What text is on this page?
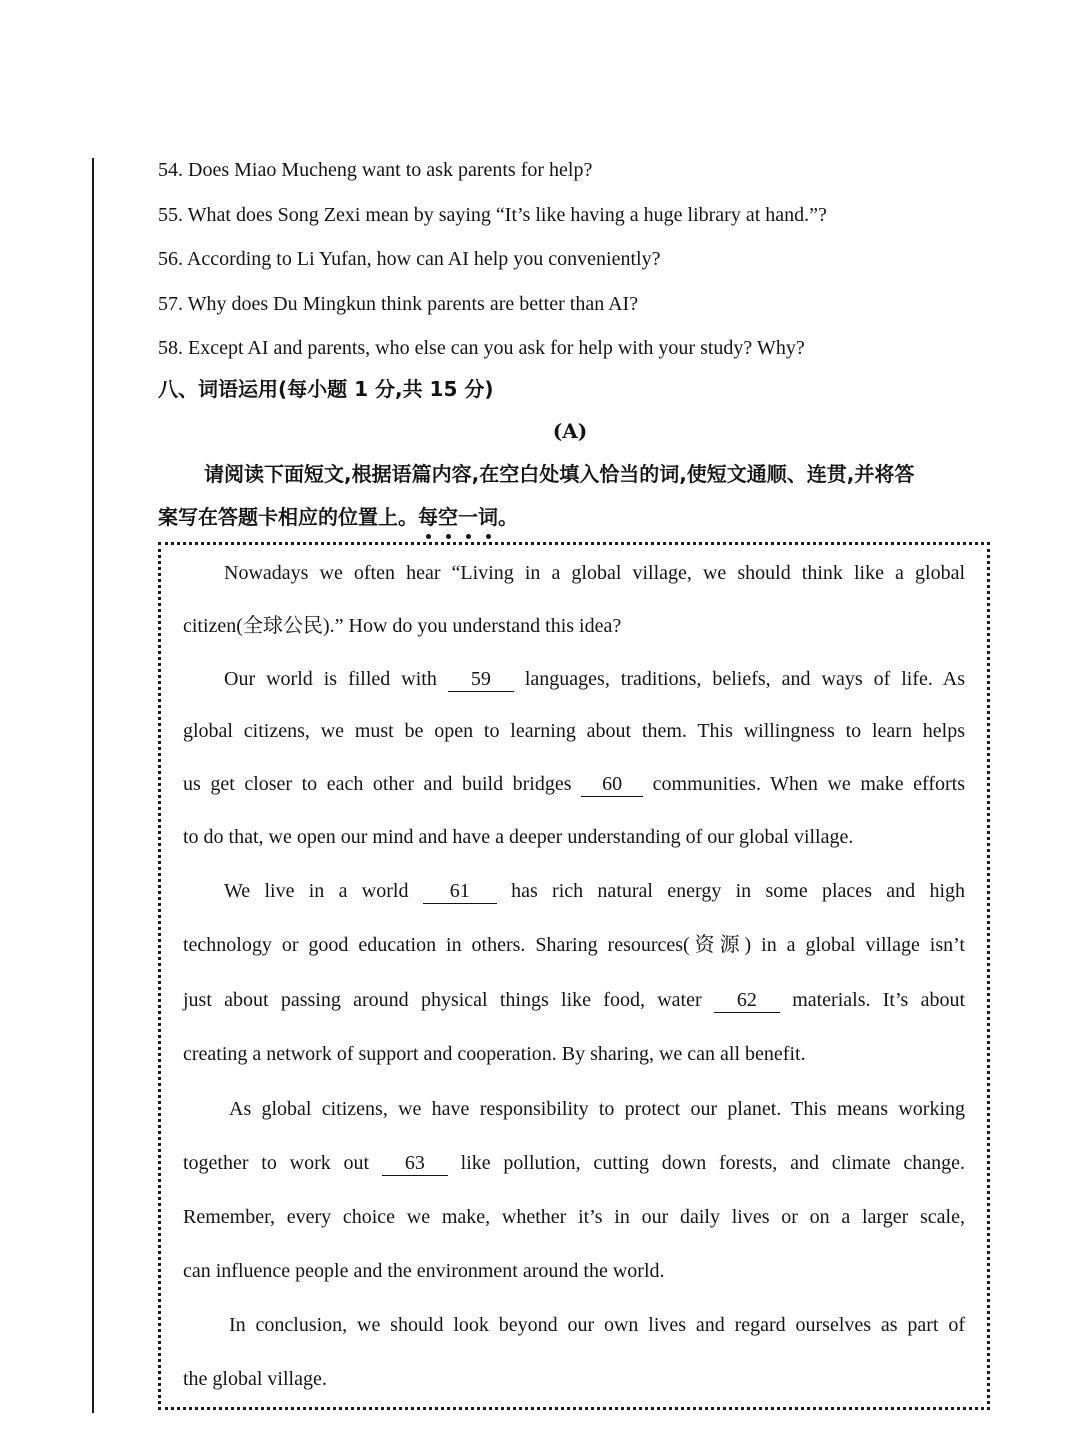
54. Does Miao Mucheng want to ask parents for help?
55. What does Song Zexi mean by saying “It’s like having a huge library at hand.”?
56. According to Li Yufan, how can AI help you conveniently?
57. Why does Du Mingkun think parents are better than AI?
58. Except AI and parents, who else can you ask for help with your study? Why?
八、词语运用(每小题 1 分,共 15 分)
(A)
请阅读下面短文,根据语篇内容,在空白处填入恰当的词,使短文通顺、连贯,并将答
案写在答题卡相应的位置上。每空一词
。
Nowadays we often hear “Living in a global village, we should think like a global
citizen(全球公民).” How do you understand this idea?
Our world is filled with 59 languages, traditions, beliefs, and ways of life. As
global citizens, we must be open to learning about them. This willingness to learn helps
us get closer to each other and build bridges 60 communities. When we make efforts
to do that, we open our mind and have a deeper understanding of our global village.
We live in a world 61 has rich natural energy in some places and high
technology or good education in others. Sharing resources(资源) in a global village isn’t
just about passing around physical things like food, water 62 materials. It’s about
creating a network of support and cooperation. By sharing, we can all benefit.
As global citizens, we have responsibility to protect our planet. This means working
together to work out 63 like pollution, cutting down forests, and climate change.
Remember, every choice we make, whether it’s in our daily lives or on a larger scale,
can influence people and the environment around the world.
In conclusion, we should look beyond our own lives and regard ourselves as part of
the global village.
